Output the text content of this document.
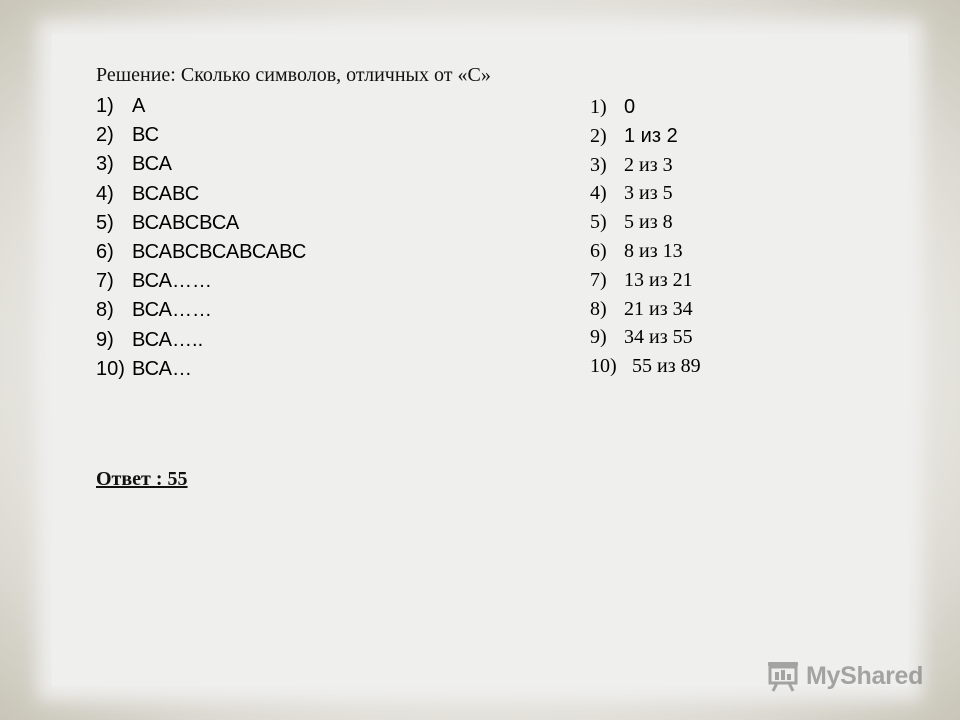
Решение: Сколько символов, отличных от «С»
1) А
2) ВС
3) ВСА
4) ВСАВС
5) ВСАВСВСА
6) ВСАВСВСАВСАВС
7) ВСА……
8) ВСА……
9) ВСА…..
10) ВСА…
1) 0
2) 1 из 2
3) 2 из 3
4) 3 из 5
5) 5 из 8
6) 8 из 13
7) 13 из 21
8) 21 из 34
9) 34 из 55
10) 55 из 89
Ответ : 55
MyShared
